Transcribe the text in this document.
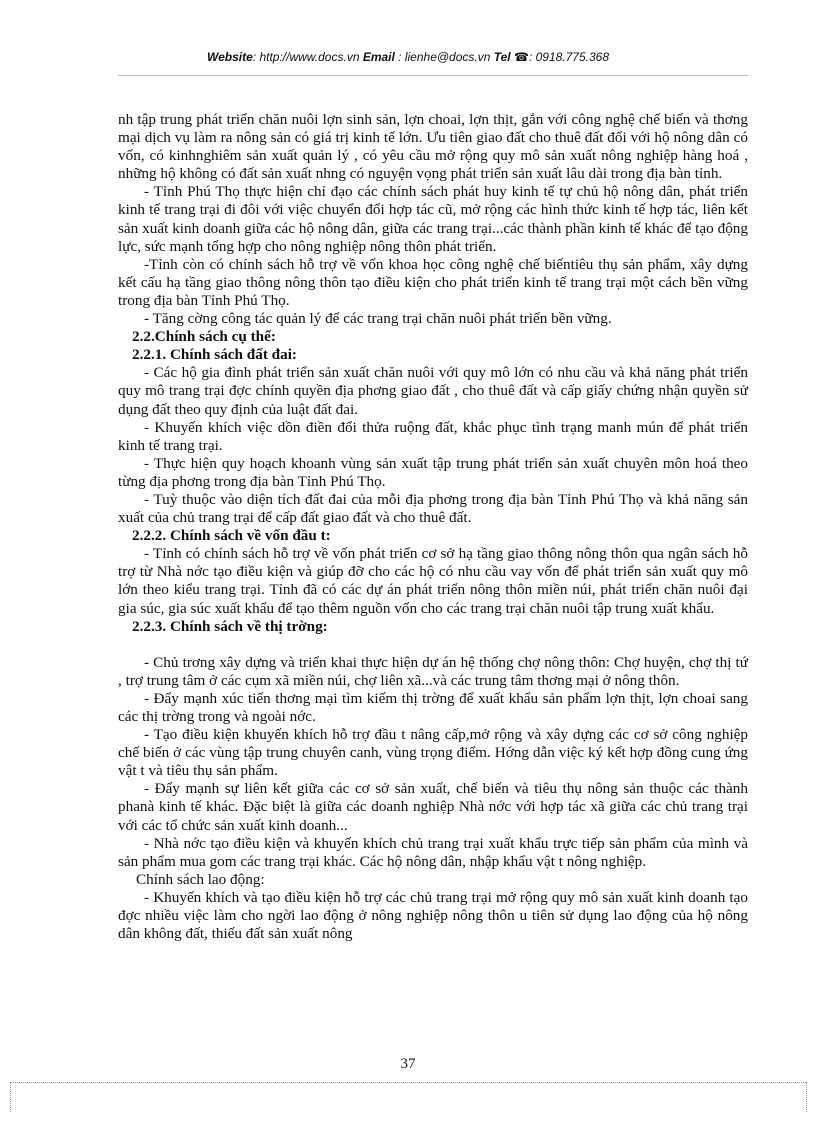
Website: http://www.docs.vn Email : lienhe@docs.vn Tel ☎: 0918.775.368

nh tập trung phát triển chăn nuôi lợn sinh sản, lợn choai, lợn thịt, gắn với công nghệ chế biến và thơng mại dịch vụ làm ra nông sản có giá trị kinh tế lớn. Ưu tiên giao đất cho thuê đất đối với hộ nông dân có vốn, có kinhnghiêm sản xuất quản lý , có yêu cầu mở rộng quy mô sản xuất nông nghiệp hàng hoá , những hộ không có đất sản xuất nhng có nguyện vọng phát triển sản xuất lâu dài trong địa bàn tỉnh.

- Tỉnh Phú Thọ thực hiện chỉ đạo các chính sách phát huy kinh tế tự chủ hộ nông dân, phát triển kinh tế trang trại đi đôi với việc chuyển đổi hợp tác cũ, mở rộng các hình thức kinh tế hợp tác, liên kết sản xuất kinh doanh giữa các hộ nông dân, giữa các trang trại...các thành phần kinh tế khác để tạo động lực, sức mạnh tổng hợp cho nông nghiệp nông thôn phát triển.

-Tỉnh còn có chính sách hỗ trợ về vốn khoa học công nghệ chế biếntiêu thụ sản phẩm, xây dựng kết cấu hạ tầng giao thông nông thôn tạo điều kiện cho phát triển kinh tế trang trại một cách bền vững trong địa bàn Tỉnh Phú Thọ.

- Tăng cờng công tác quản lý để các trang trại chăn nuôi phát triển bền vững.

2.2.Chính sách cụ thể:

2.2.1. Chính sách đất đai:

- Các hộ gia đình phát triển sản xuất chăn nuôi với quy mô lớn có nhu cầu và khả năng phát triển quy mô trang trại đợc chính quyền địa phơng giao đất , cho thuê đất và cấp giấy chứng nhận quyền sử dụng đất theo quy định của luật đất đai.

- Khuyến khích việc dồn điền đổi thửa ruộng đất, khắc phục tình trạng manh mún để phát triển kinh tế trang trại.

- Thực hiện quy hoạch khoanh vùng sản xuất tập trung phát triển sản xuất chuyên môn hoá theo từng địa phơng trong địa bàn Tỉnh Phú Thọ.

- Tuỳ thuộc vào diện tích đất đai của mỗi địa phơng trong địa bàn Tỉnh Phú Thọ và khả năng sản xuất của chủ trang trại để cấp đất giao đất và cho thuê đất.

2.2.2. Chính sách về vốn đầu t:

- Tỉnh có chính sách hỗ trợ về vốn phát triển cơ sở hạ tầng giao thông nông thôn qua ngân sách hỗ trợ từ Nhà nớc tạo điều kiện và giúp đỡ cho các hộ có nhu cầu vay vốn để phát triển sản xuất quy mô lớn theo kiểu trang trại. Tỉnh đã có các dự án phát triển nông thôn miền núi, phát triển chăn nuôi đại gia súc, gia súc xuất khẩu để tạo thêm nguồn vốn cho các trang trại chăn nuôi tập trung xuất khẩu.

2.2.3. Chính sách về thị trờng:

- Chủ trơng xây dựng và triển khai thực hiện dự án hệ thống chợ nông thôn: Chợ huyện, chợ thị tứ , trợ trung tâm ở các cụm xã miền núi, chợ liên xã...và các trung tâm thơng mại ở nông thôn.

- Đẩy mạnh xúc tiến thơng mại tìm kiếm thị trờng để xuất khẩu sản phẩm lợn thịt, lợn choai sang các thị trờng trong và ngoài nớc.

- Tạo điều kiện khuyến khích hỗ trợ đầu t nâng cấp,mở rộng và xây dựng các cơ sở công nghiệp chế biến ở các vùng tập trung chuyên canh, vùng trọng điểm. Hớng dẫn việc ký kết hợp đồng cung ứng vật t và tiêu thụ sản phẩm.

- Đẩy mạnh sự liên kết giữa các cơ sở sản xuất, chế biến và tiêu thụ nông sản thuộc các thành phanà kinh tế khác. Đặc biệt là giữa các doanh nghiệp Nhà nớc với hợp tác xã giữa các chủ trang trại với các tổ chức sản xuất kinh doanh...

- Nhà nớc tạo điều kiện và khuyến khích chủ trang trại xuất khẩu trực tiếp sản phẩm của mình và sản phẩm mua gom các trang trại khác. Các hộ nông dân, nhập khẩu vật t nông nghiệp.

Chính sách lao động:

- Khuyến khích và tạo điều kiện hỗ trợ các chủ trang trại mở rộng quy mô sản xuất kinh doanh tạo đợc nhiều việc làm cho ngời lao động ở nông nghiệp nông thôn u tiên sử dụng lao động của hộ nông dân không đất, thiếu đất sản xuất nông

37
